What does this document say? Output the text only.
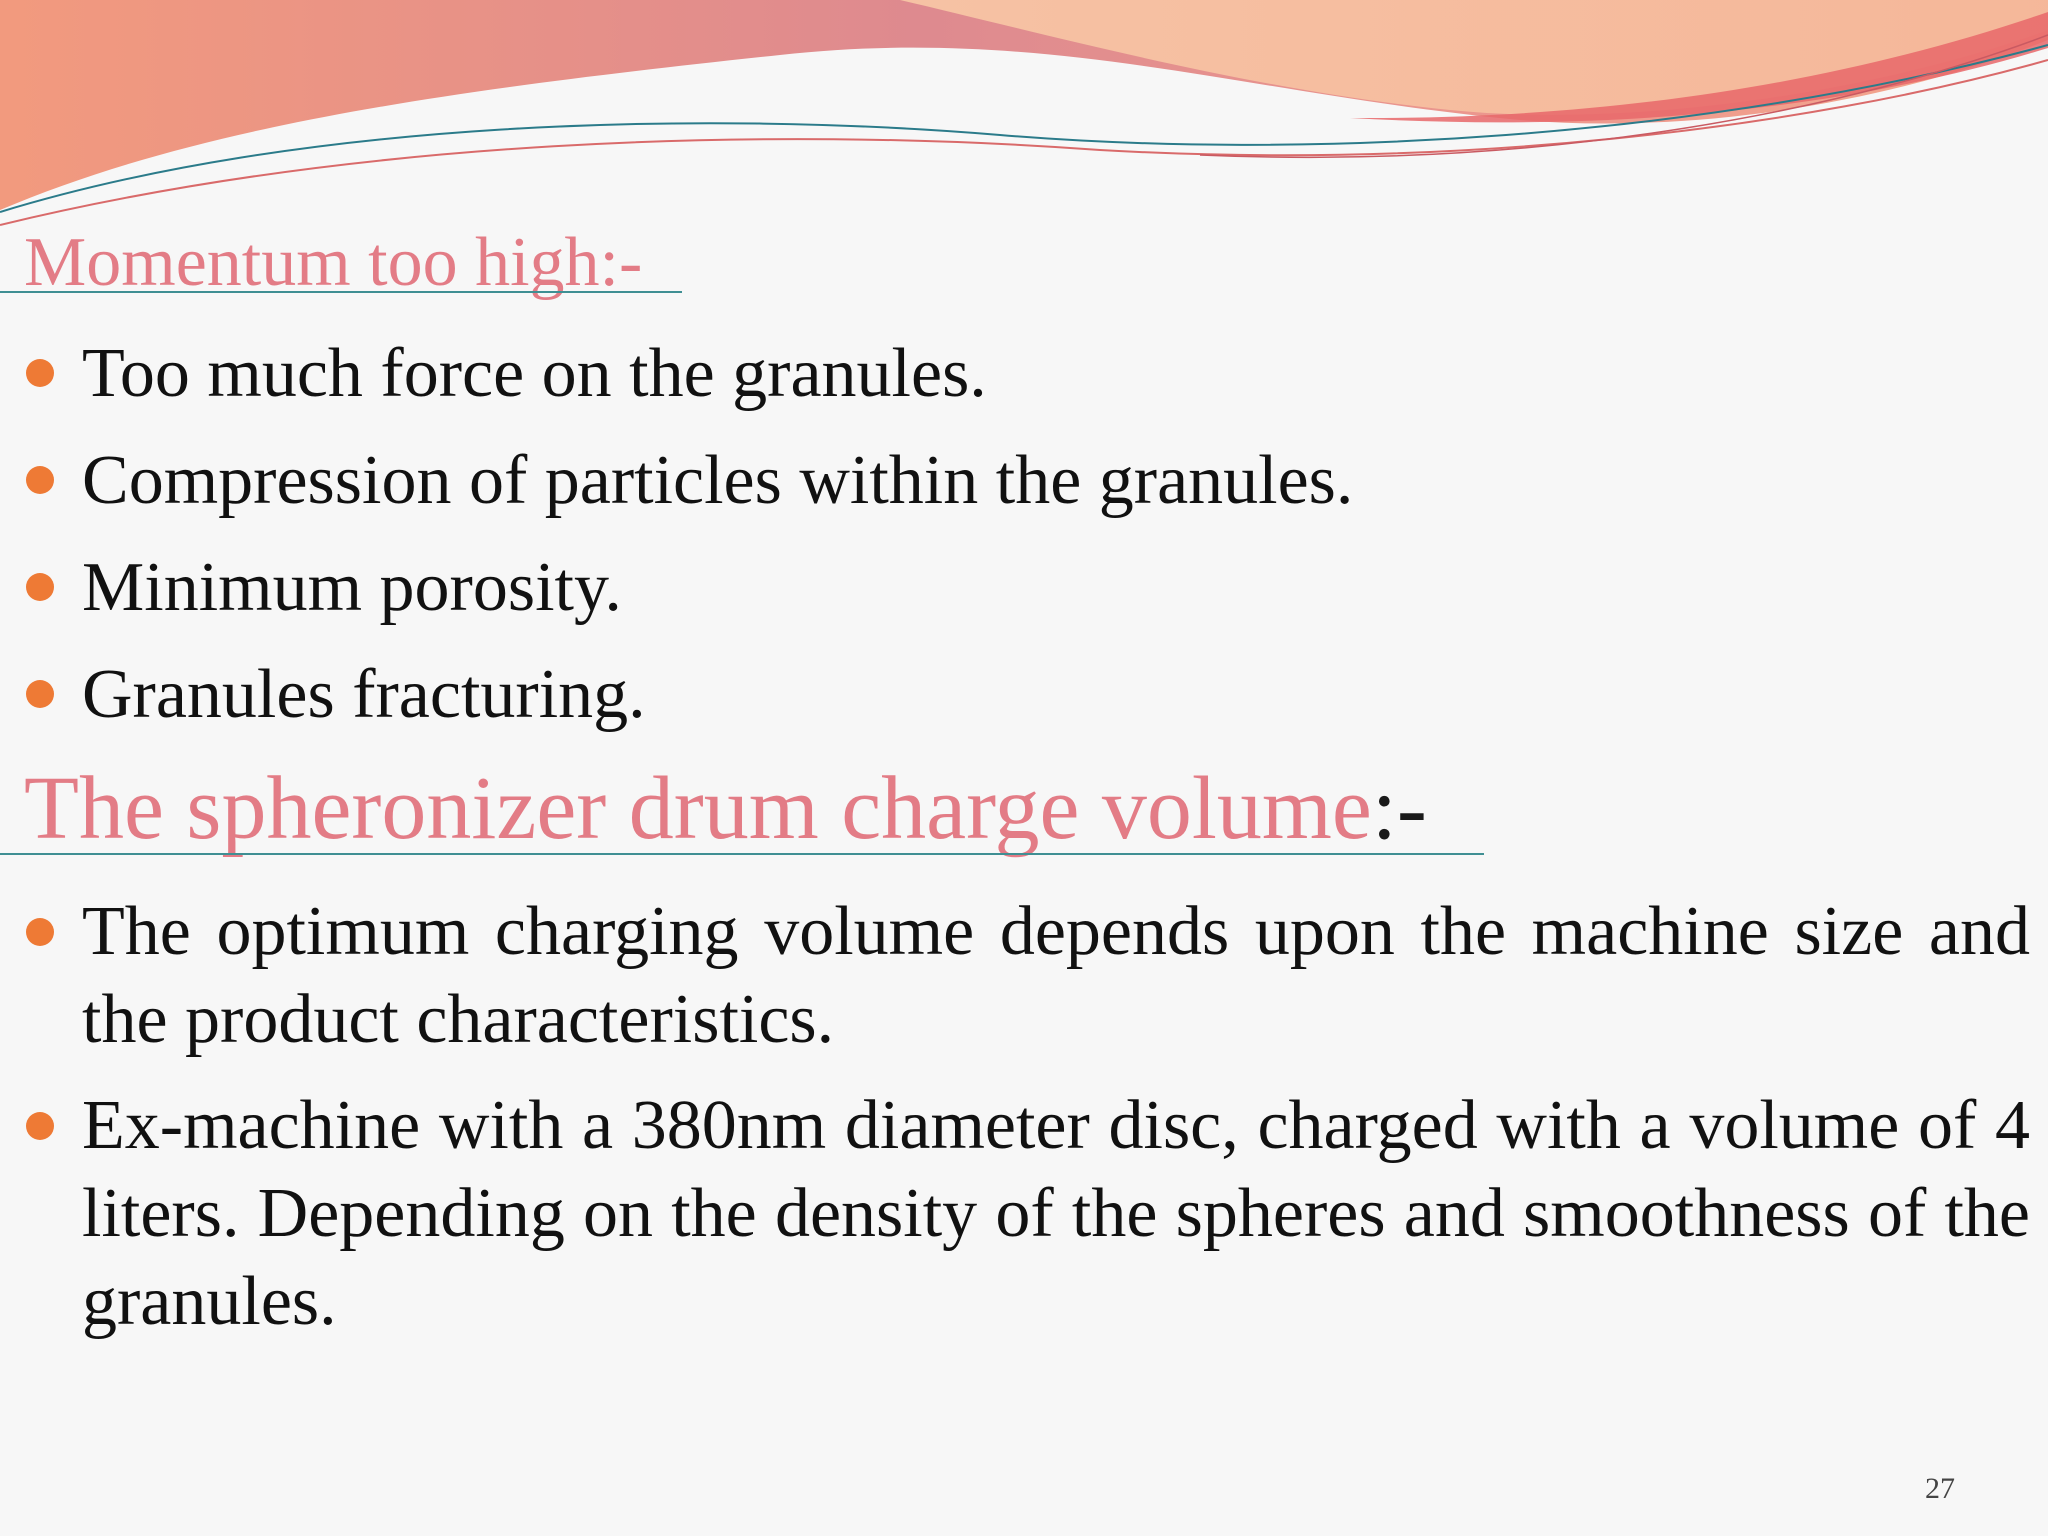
Momentum too high:-
Too much force on the granules.
Compression of particles within the granules.
Minimum porosity.
Granules fracturing.
The spheronizer drum charge volume:-
The optimum charging volume depends upon the machine size and the product characteristics.
Ex-machine with a 380nm diameter disc, charged with a volume of 4 liters. Depending on the density of the spheres and smoothness of the granules.
27
